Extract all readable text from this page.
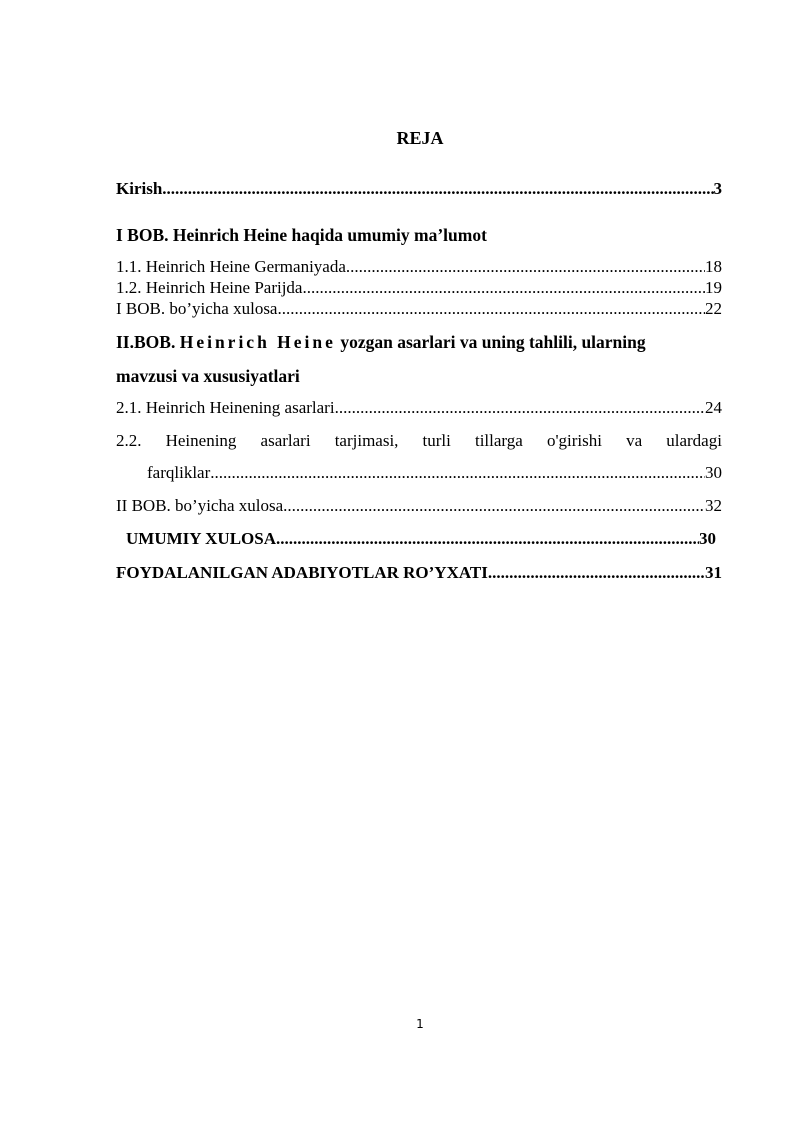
REJA
Kirish .....	3
I BOB. Heinrich Heine haqida umumiy ma’lumot
1.1. Heinrich Heine Germaniyada .....	18
1.2. Heinrich Heine Parijda .....	19
I BOB. bo’yicha xulosa .....	22
II.BOB. Heinrich Heine yozgan asarlari va uning tahlili, ularning
mavzusi va xususiyatlari
2.1. Heinrich Heinening asarlari .....	24
2.2. Heinening asarlari tarjimasi, turli tillarga o'girishi va ulardagi
farqliklar .....	30
II BOB. bo’yicha xulosa .....	32
UMUMIY XULOSA .....	30
FOYDALANILGAN ADABIYOTLAR RO’YXATI .....	31
1
